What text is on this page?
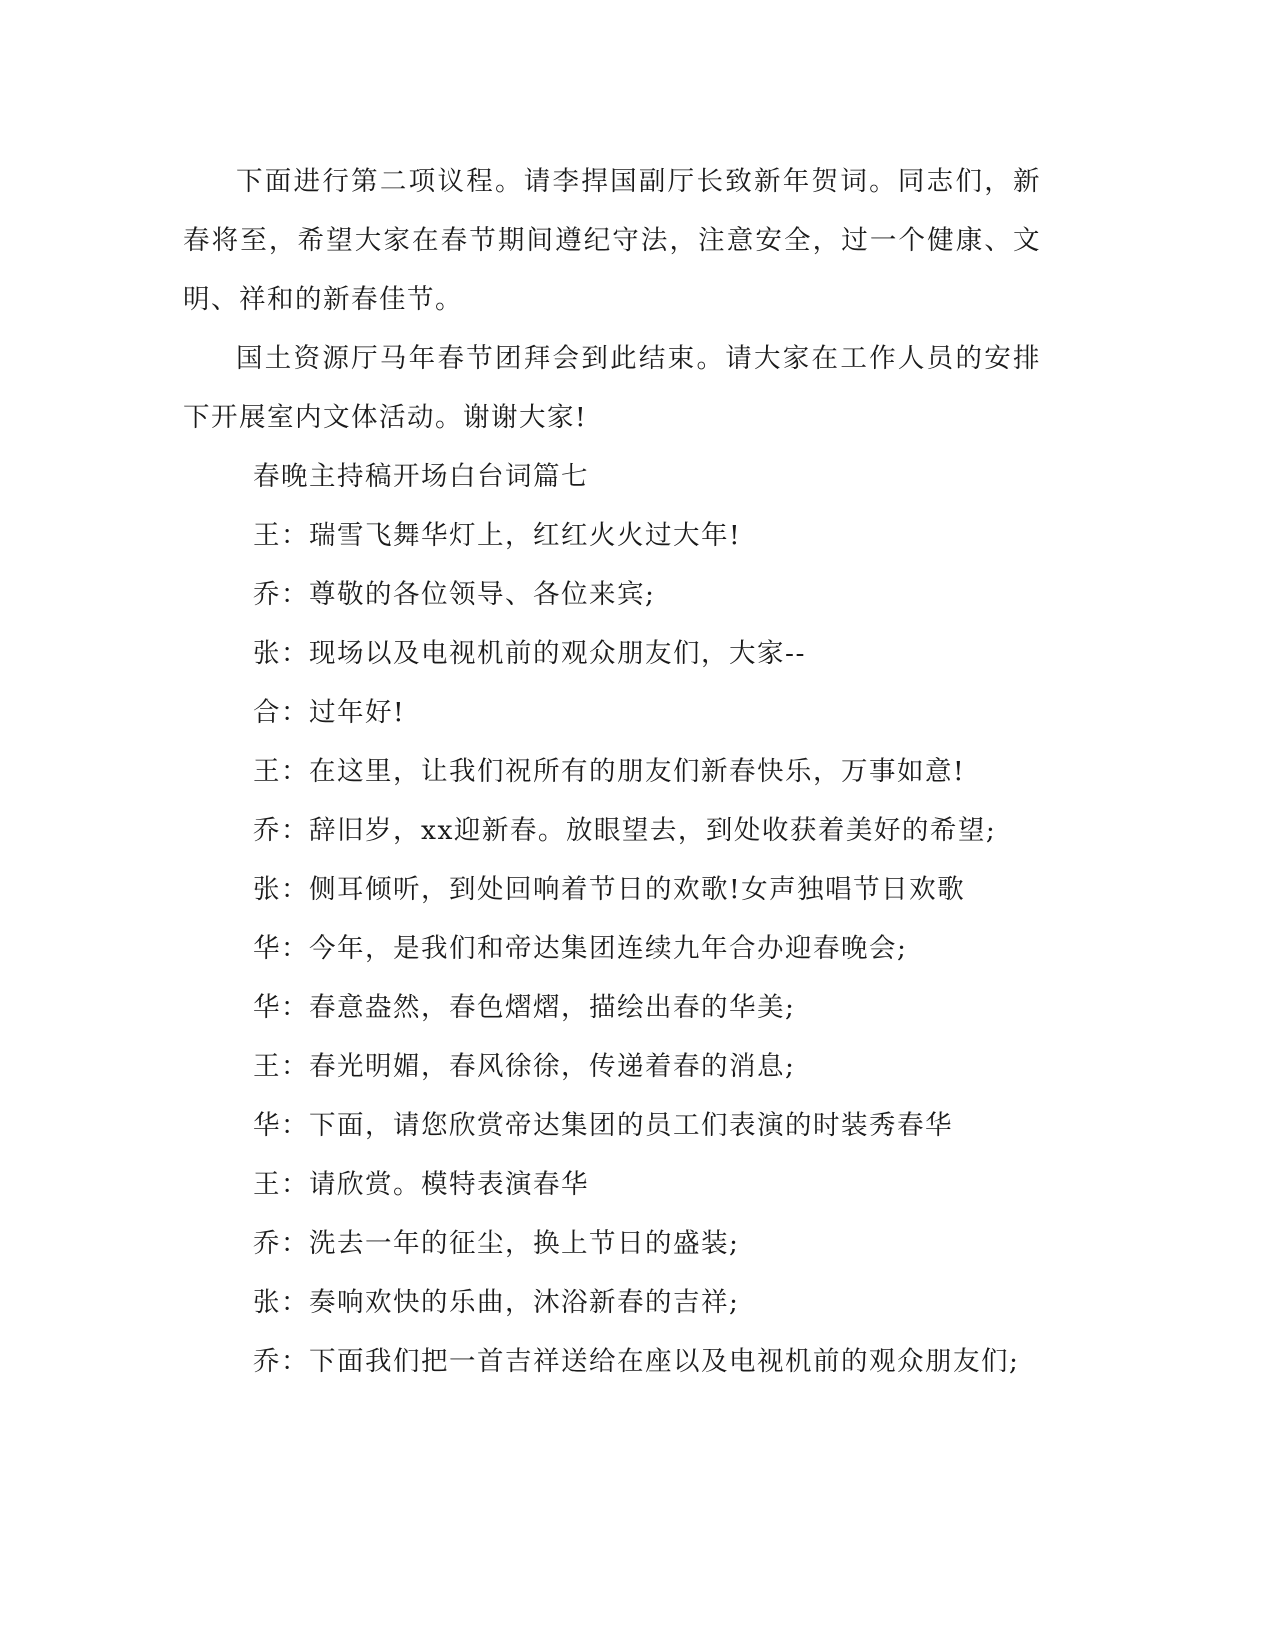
下面进行第二项议程。请李捍国副厅长致新年贺词。同志们，新春将至，希望大家在春节期间遵纪守法，注意安全，过一个健康、文明、祥和的新春佳节。

国土资源厅马年春节团拜会到此结束。请大家在工作人员的安排下开展室内文体活动。谢谢大家!

春晚主持稿开场白台词篇七

王：瑞雪飞舞华灯上，红红火火过大年!

乔：尊敬的各位领导、各位来宾;

张：现场以及电视机前的观众朋友们，大家--

合：过年好!

王：在这里，让我们祝所有的朋友们新春快乐，万事如意!

乔：辞旧岁，xx迎新春。放眼望去，到处收获着美好的希望;

张：侧耳倾听，到处回响着节日的欢歌!女声独唱节日欢歌

华：今年，是我们和帝达集团连续九年合办迎春晚会;

华：春意盎然，春色熠熠，描绘出春的华美;

王：春光明媚，春风徐徐，传递着春的消息;

华：下面，请您欣赏帝达集团的员工们表演的时装秀春华

王：请欣赏。模特表演春华

乔：洗去一年的征尘，换上节日的盛装;

张：奏响欢快的乐曲，沐浴新春的吉祥;

乔：下面我们把一首吉祥送给在座以及电视机前的观众朋友们;
